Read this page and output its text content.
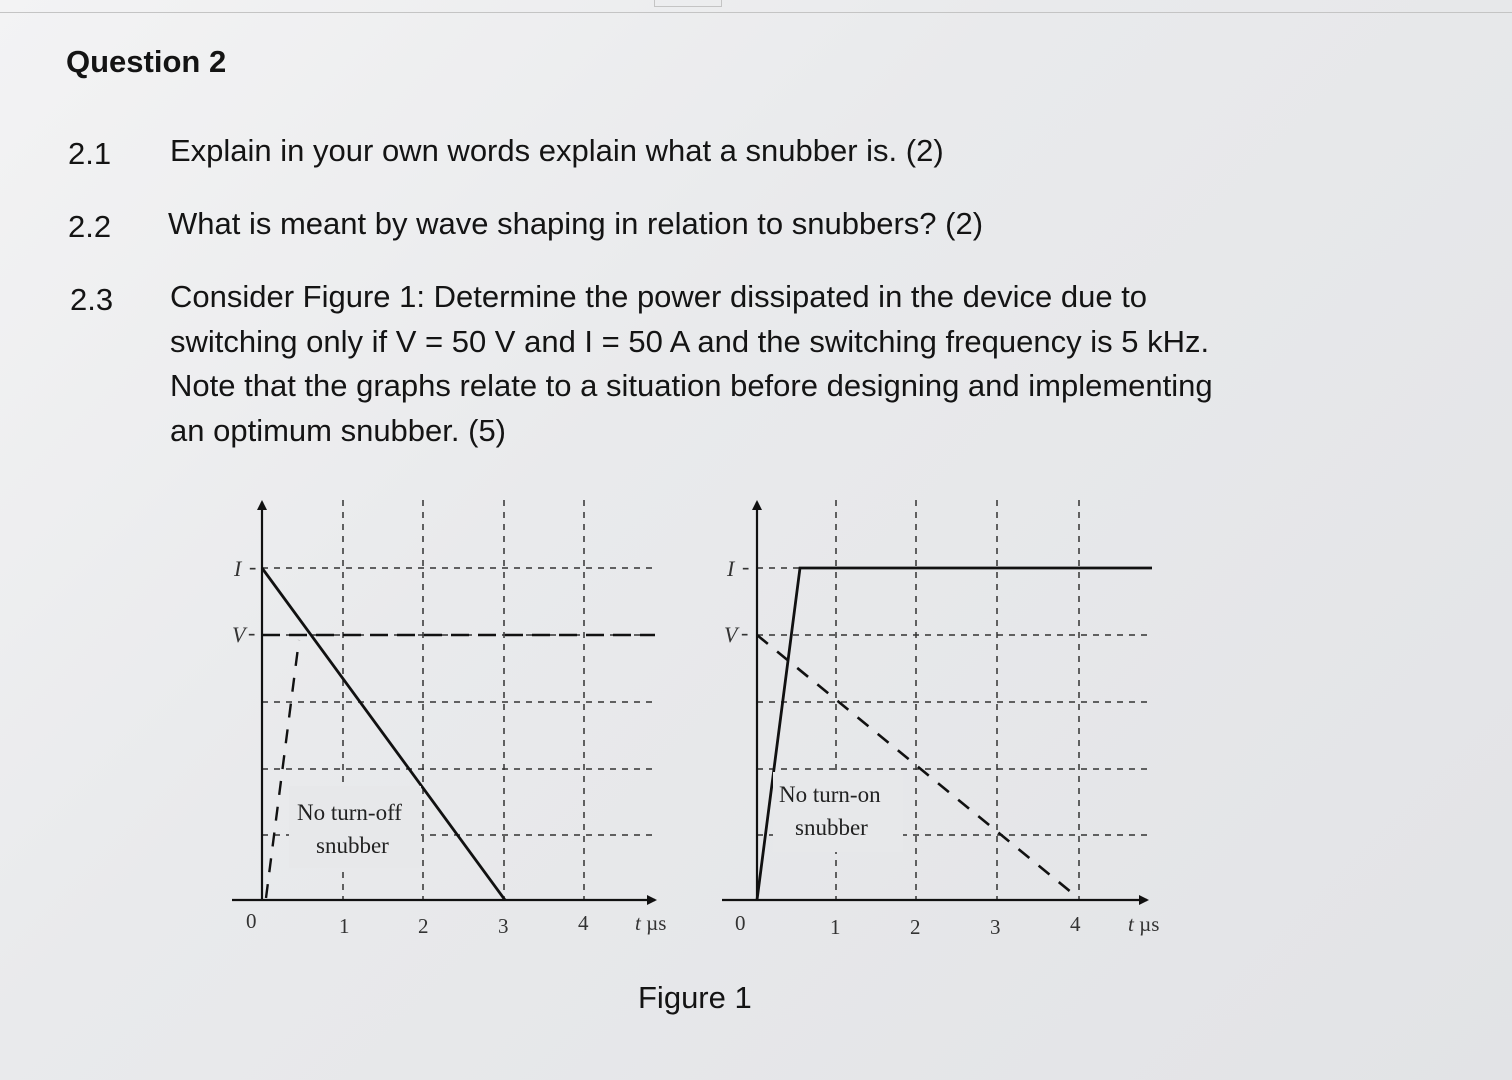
Question 2
2.1 Explain in your own words explain what a snubber is. (2)
2.2 What is meant by wave shaping in relation to snubbers? (2)
2.3 Consider Figure 1: Determine the power dissipated in the device due to
switching only if V = 50 V and I = 50 A and the switching frequency is 5 kHz.
Note that the graphs relate to a situation before designing and implementing
an optimum snubber. (5)
I -
V -
0	1	2	3	4 t µs
No turn-off
snubber
I -
V -
0	1	2	3	4 t µs
No turn-on
snubber
Figure 1
